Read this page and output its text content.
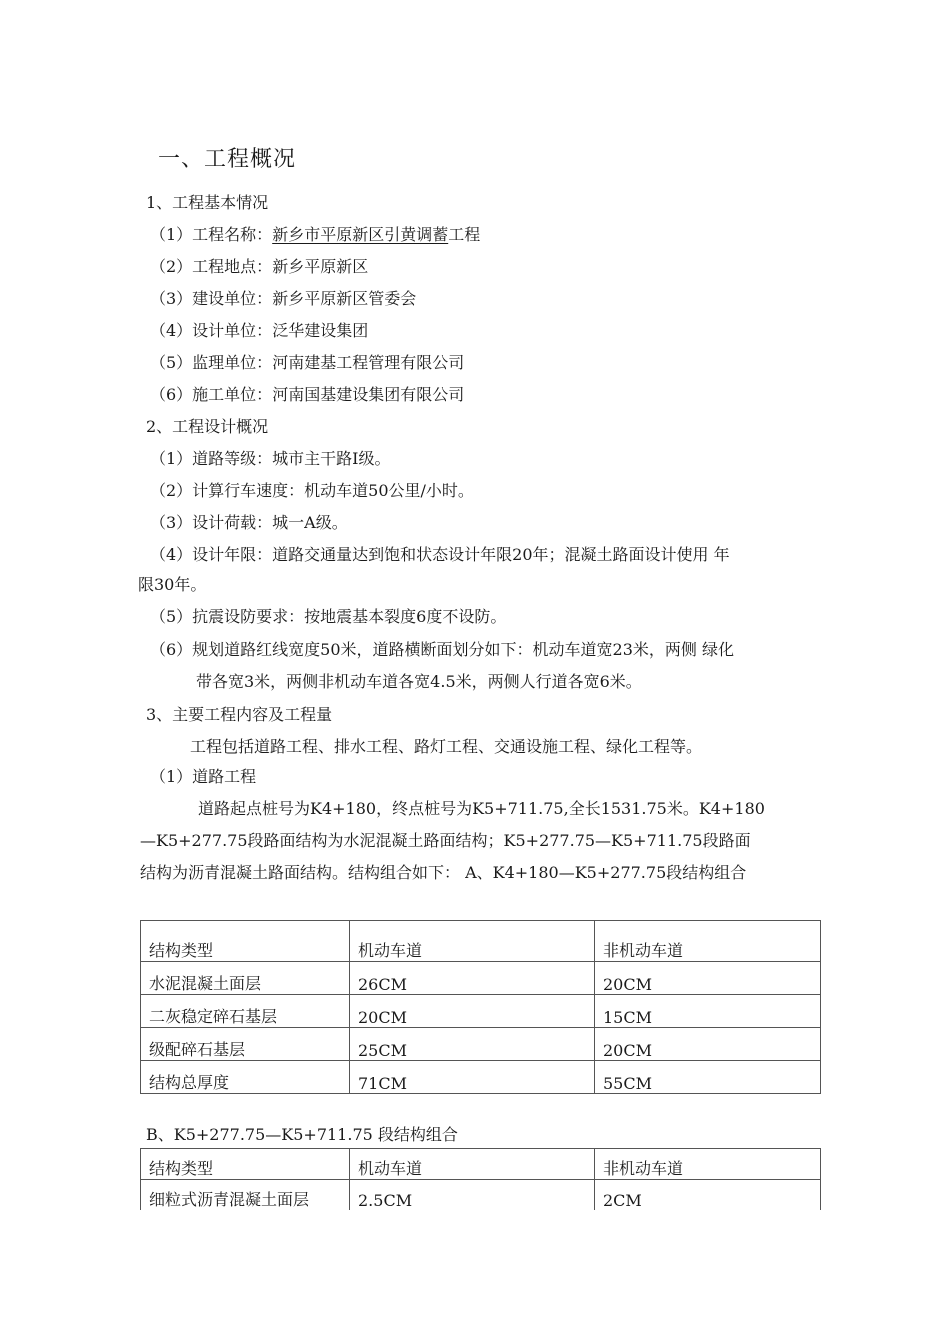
一、工程概况
1、工程基本情况
（1）工程名称：新乡市平原新区引黄调蓄工程
（2）工程地点：新乡平原新区
（3）建设单位：新乡平原新区管委会
（4）设计单位：泛华建设集团
（5）监理单位：河南建基工程管理有限公司
（6）施工单位：河南国基建设集团有限公司
2、工程设计概况
（1）道路等级：城市主干路Ⅰ级。
（2）计算行车速度：机动车道50公里/小时。
（3）设计荷载：城一A级。
（4）设计年限：道路交通量达到饱和状态设计年限20年；混凝土路面设计使用 年
限30年。
（5）抗震设防要求：按地震基本裂度6度不设防。
（6）规划道路红线宽度50米，道路横断面划分如下：机动车道宽23米，两侧 绿化
带各宽3米，两侧非机动车道各宽4.5米，两侧人行道各宽6米。
3、主要工程内容及工程量
工程包括道路工程、排水工程、路灯工程、交通设施工程、绿化工程等。
（1）道路工程
道路起点桩号为K4+180，终点桩号为K5+711.75,全长1531.75米。K4+180
—K5+277.75段路面结构为水泥混凝土路面结构；K5+277.75—K5+711.75段路面
结构为沥青混凝土路面结构。结构组合如下： A、K4+180—K5+277.75段结构组合
结构类型	机动车道	非机动车道
水泥混凝土面层	26CM	20CM
二灰稳定碎石基层	20CM	15CM
级配碎石基层	25CM	20CM
结构总厚度	71CM	55CM
B、K5+277.75—K5+711.75 段结构组合
结构类型	机动车道	非机动车道
细粒式沥青混凝土面层	2.5CM	2CM
